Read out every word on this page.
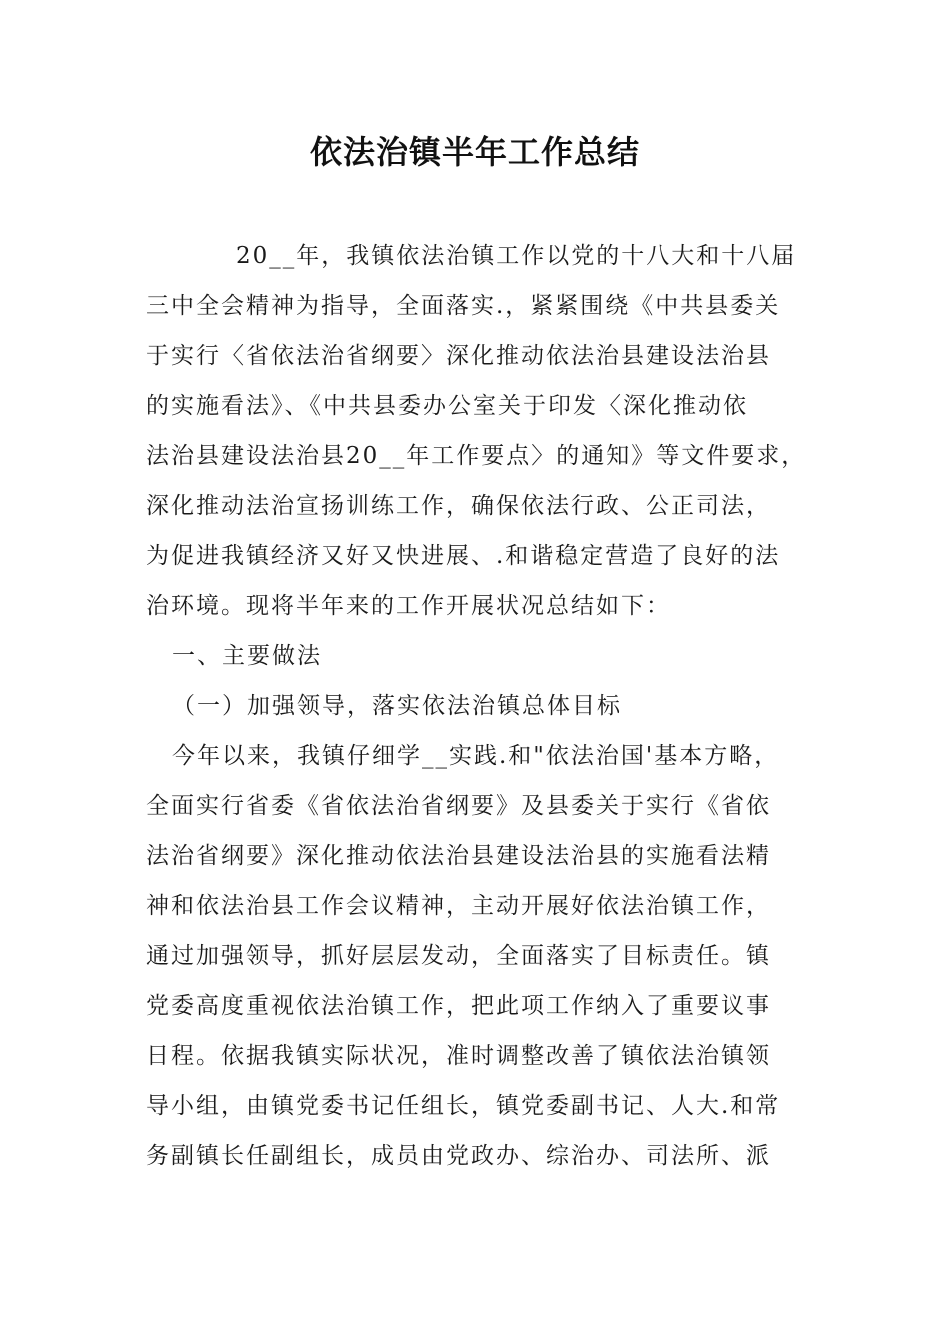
依法治镇半年工作总结
20__年，我镇依法治镇工作以党的十八大和十八届
三中全会精神为指导，全面落实.，紧紧围绕《中共县委关
于实行〈省依法治省纲要〉深化推动依法治县建设法治县
的实施看法》、《中共县委办公室关于印发〈深化推动依
法治县建设法治县20__年工作要点〉的通知》等文件要求，
深化推动法治宣扬训练工作，确保依法行政、公正司法，
为促进我镇经济又好又快进展、.和谐稳定营造了良好的法
治环境。现将半年来的工作开展状况总结如下：
一、主要做法
（一）加强领导，落实依法治镇总体目标
今年以来，我镇仔细学__实践.和"依法治国'基本方略，
全面实行省委《省依法治省纲要》及县委关于实行《省依
法治省纲要》深化推动依法治县建设法治县的实施看法精
神和依法治县工作会议精神，主动开展好依法治镇工作，
通过加强领导，抓好层层发动，全面落实了目标责任。镇
党委高度重视依法治镇工作，把此项工作纳入了重要议事
日程。依据我镇实际状况，准时调整改善了镇依法治镇领
导小组，由镇党委书记任组长，镇党委副书记、人大.和常
务副镇长任副组长，成员由党政办、综治办、司法所、派
